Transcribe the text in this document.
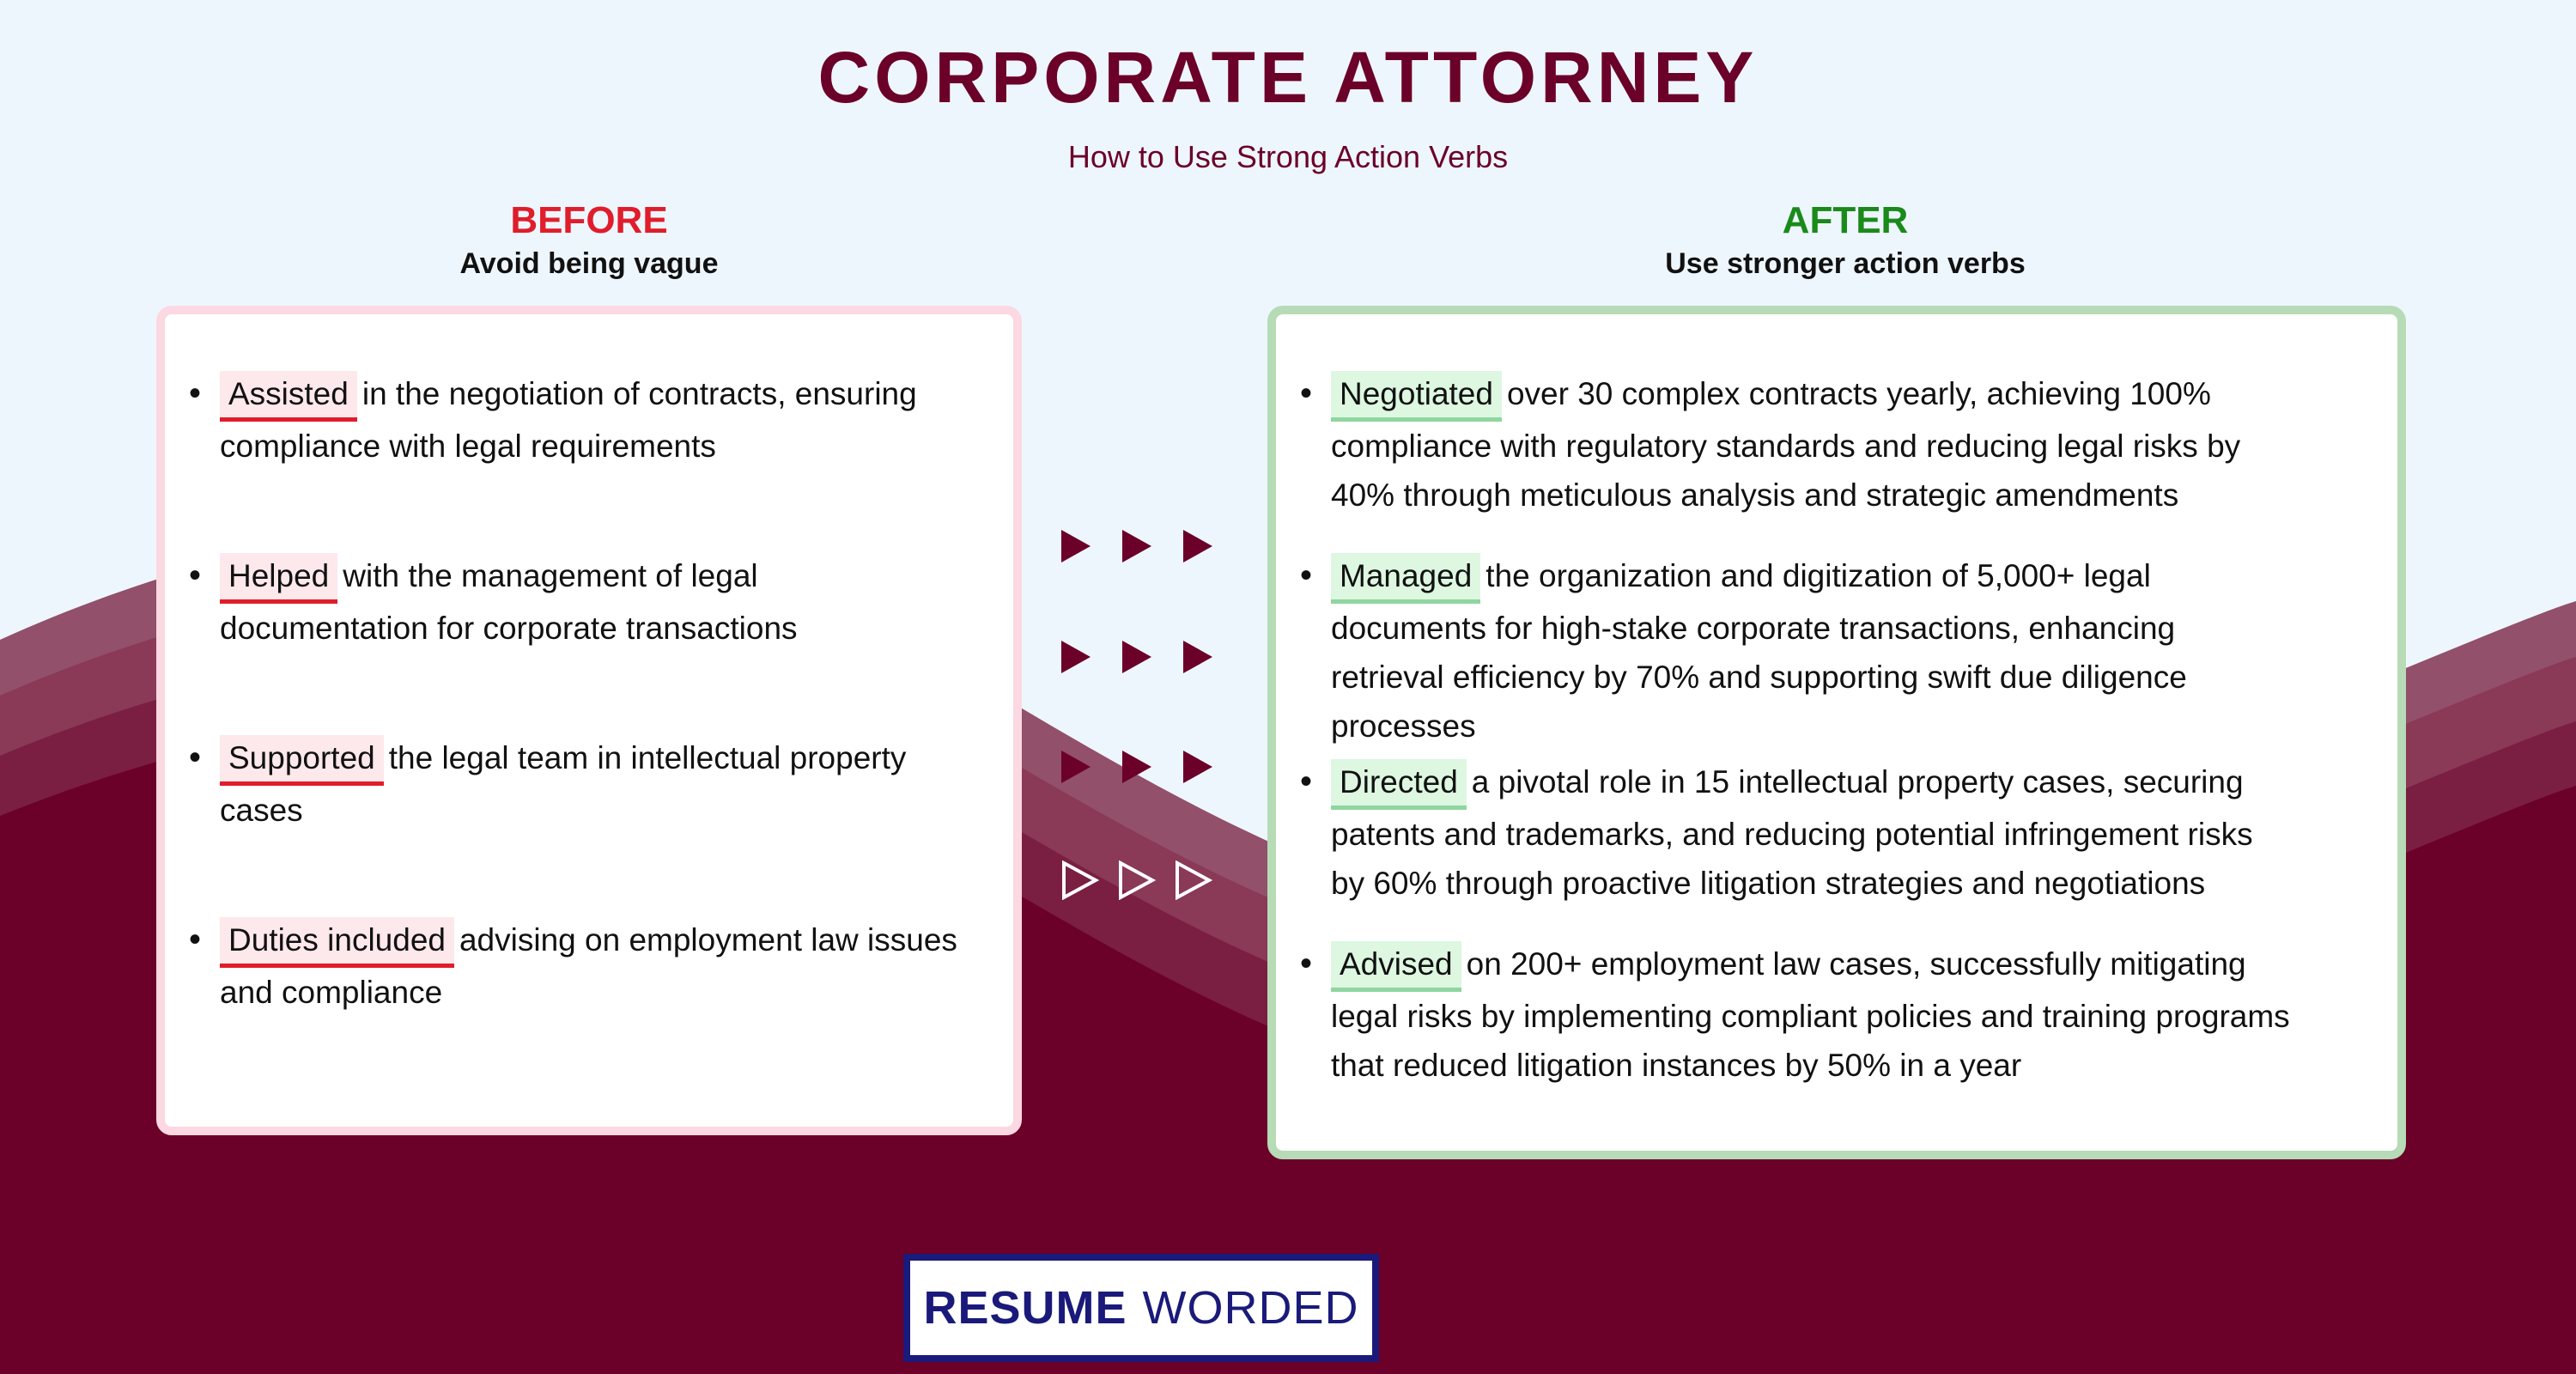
CORPORATE ATTORNEY
How to Use Strong Action Verbs
BEFORE
Avoid being vague
AFTER
Use stronger action verbs
• Assisted in the negotiation of contracts, ensuring
compliance with legal requirements
• Helped with the management of legal
documentation for corporate transactions
• Supported the legal team in intellectual property
cases
• Duties included advising on employment law issues
and compliance
• Negotiated over 30 complex contracts yearly, achieving 100%
compliance with regulatory standards and reducing legal risks by
40% through meticulous analysis and strategic amendments
• Managed the organization and digitization of 5,000+ legal
documents for high-stake corporate transactions, enhancing
retrieval efficiency by 70% and supporting swift due diligence
processes
• Directed a pivotal role in 15 intellectual property cases, securing
patents and trademarks, and reducing potential infringement risks
by 60% through proactive litigation strategies and negotiations
• Advised on 200+ employment law cases, successfully mitigating
legal risks by implementing compliant policies and training programs
that reduced litigation instances by 50% in a year
RESUME WORDED
